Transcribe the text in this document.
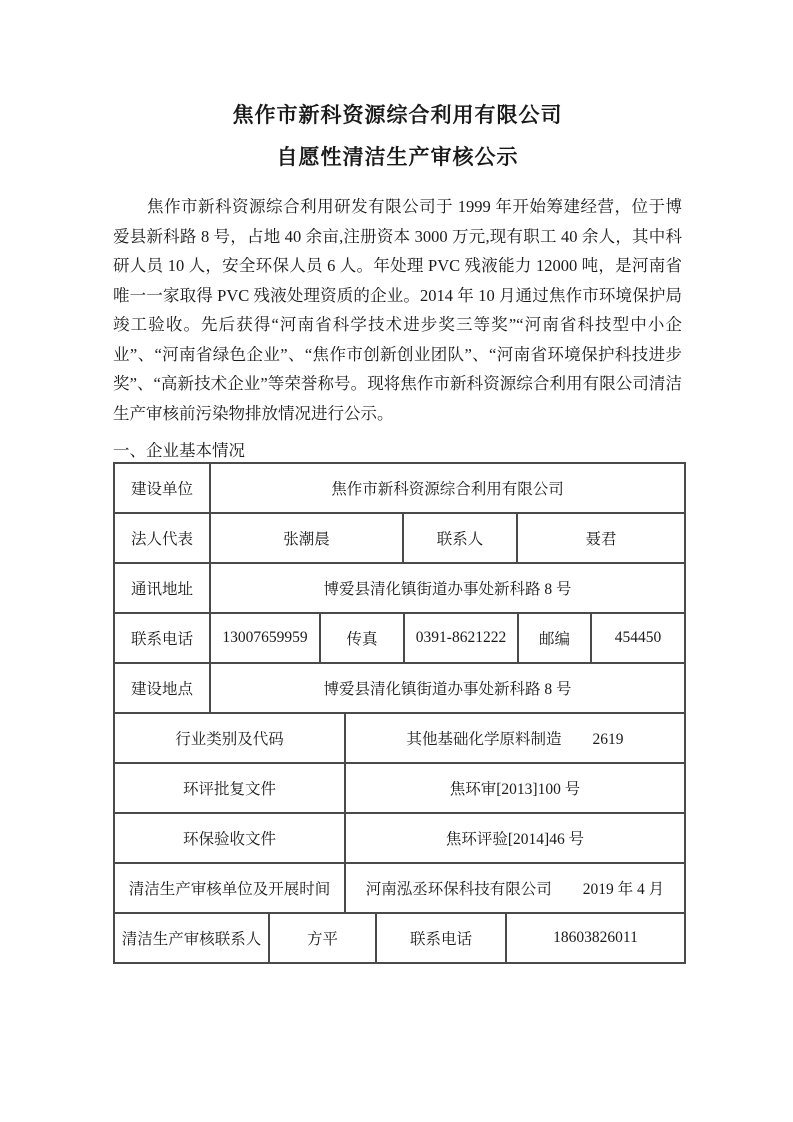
焦作市新科资源综合利用有限公司
自愿性清洁生产审核公示

焦作市新科资源综合利用研发有限公司于 1999 年开始筹建经营，位于博爱县新科路 8 号，占地 40 余亩,注册资本 3000 万元,现有职工 40 余人，其中科研人员 10 人，安全环保人员 6 人。年处理 PVC 残液能力 12000 吨，是河南省唯一一家取得 PVC 残液处理资质的企业。2014 年 10 月通过焦作市环境保护局竣工验收。先后获得“河南省科学技术进步奖三等奖”“河南省科技型中小企业”、“河南省绿色企业”、“焦作市创新创业团队”、“河南省环境保护科技进步奖”、“高新技术企业”等荣誉称号。现将焦作市新科资源综合利用有限公司清洁生产审核前污染物排放情况进行公示。

一、企业基本情况
建设单位	焦作市新科资源综合利用有限公司
法人代表	张潮晨	联系人	聂君
通讯地址	博爱县清化镇街道办事处新科路 8 号
联系电话	13007659959	传真	0391-8621222	邮编	454450
建设地点	博爱县清化镇街道办事处新科路 8 号
行业类别及代码	其他基础化学原料制造　　2619
环评批复文件	焦环审[2013]100 号
环保验收文件	焦环评验[2014]46 号
清洁生产审核单位及开展时间	河南泓丞环保科技有限公司　　2019 年 4 月
清洁生产审核联系人	方平	联系电话	18603826011
